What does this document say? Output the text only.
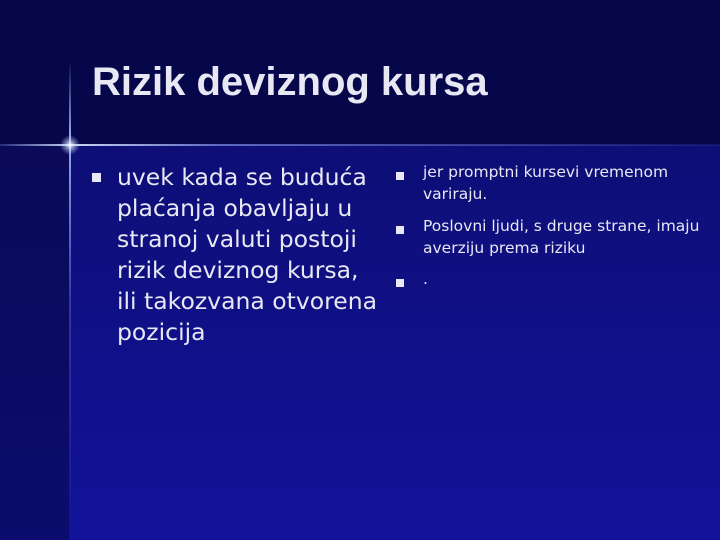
Rizik deviznog kursa

uvek kada se buduća plaćanja obavljaju u stranoj valuti postoji rizik deviznog kursa, ili takozvana otvorena pozicija

jer promptni kursevi vremenom variraju.

Poslovni ljudi, s druge strane, imaju averziju prema riziku

.
